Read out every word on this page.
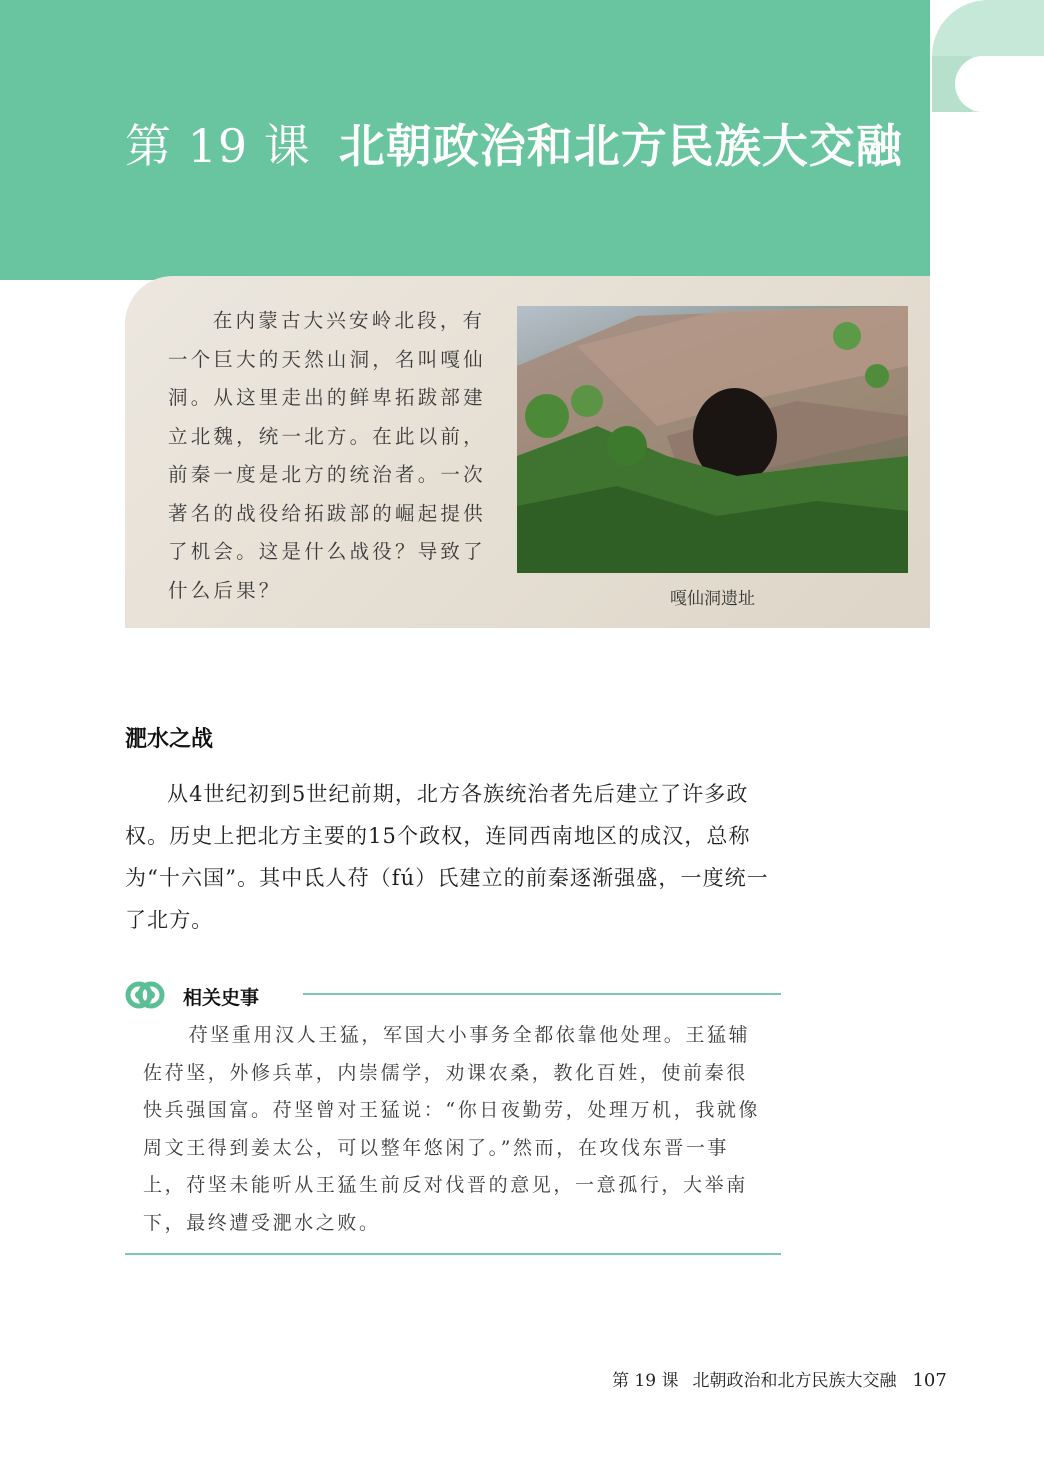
第 19 课 北朝政治和北方民族大交融

在内蒙古大兴安岭北段，有一个巨大的天然山洞，名叫嘎仙洞。从这里走出的鲜卑拓跋部建立北魏，统一北方。在此以前，前秦一度是北方的统治者。一次著名的战役给拓跋部的崛起提供了机会。这是什么战役？导致了什么后果？	嘎仙洞遗址

淝水之战

从4世纪初到5世纪前期，北方各族统治者先后建立了许多政权。历史上把北方主要的15个政权，连同西南地区的成汉，总称为“十六国”。其中氐人苻（fú）氏建立的前秦逐渐强盛，一度统一了北方。

相关史事

苻坚重用汉人王猛，军国大小事务全都依靠他处理。王猛辅佐苻坚，外修兵革，内崇儒学，劝课农桑，教化百姓，使前秦很快兵强国富。苻坚曾对王猛说：“你日夜勤劳，处理万机，我就像周文王得到姜太公，可以整年悠闲了。”然而，在攻伐东晋一事上，苻坚未能听从王猛生前反对伐晋的意见，一意孤行，大举南下，最终遭受淝水之败。

第 19 课 北朝政治和北方民族大交融 107
